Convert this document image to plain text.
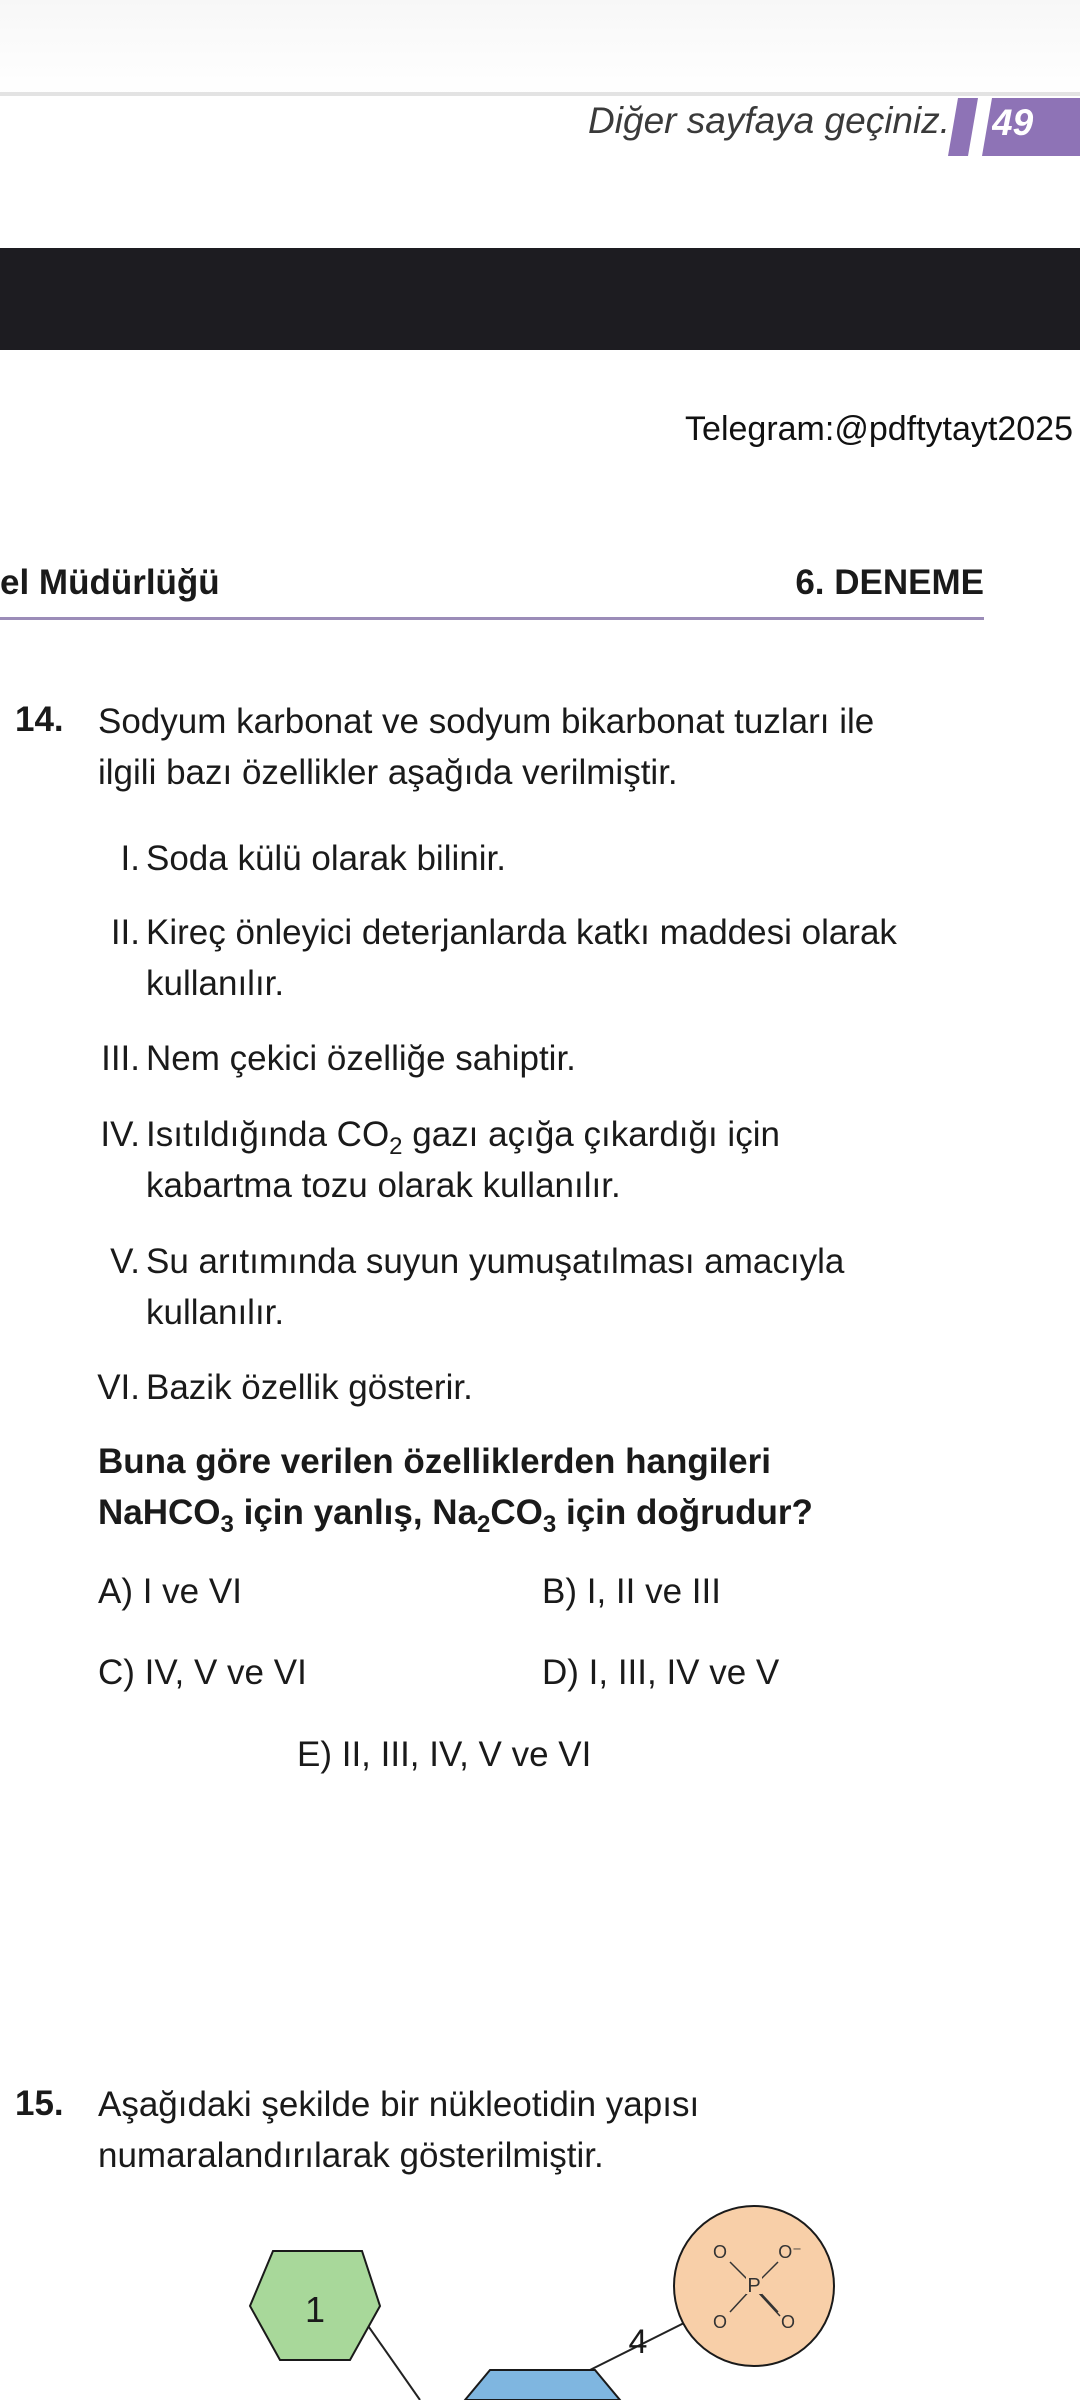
Diğer sayfaya geçiniz. 49
Telegram:@pdftytayt2025
el Müdürlüğü	6. DENEME
14. Sodyum karbonat ve sodyum bikarbonat tuzları ile
ilgili bazı özellikler aşağıda verilmiştir.
I. Soda külü olarak bilinir.
II. Kireç önleyici deterjanlarda katkı maddesi olarak
kullanılır.
III. Nem çekici özelliğe sahiptir.
IV. Isıtıldığında $CO_2$ gazı açığa çıkardığı için
kabartma tozu olarak kullanılır.
V. Su arıtımında suyun yumuşatılması amacıyla
kullanılır.
VI. Bazik özellik gösterir.
Buna göre verilen özelliklerden hangileri
NaHCO$_3$ için yanlış, $Na_2CO_3$ için doğrudur?
A) I ve VI	B) I, II ve III
C) IV, V ve VI	D) I, III, IV ve V
E) II, III, IV, V ve VI
15. Aşağıdaki şekilde bir nükleotidin yapısı
numaralandırılarak gösterilmiştir.
1
4
P
O	O⁻
O	O
